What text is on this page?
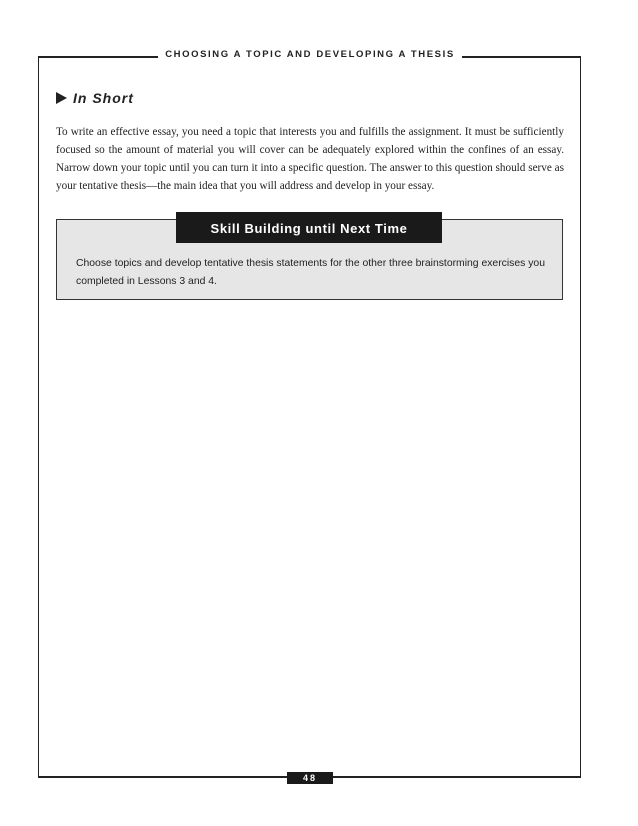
CHOOSING A TOPIC AND DEVELOPING A THESIS
In Short

To write an effective essay, you need a topic that interests you and fulfills the assignment. It must be sufficiently focused so the amount of material you will cover can be adequately explored within the confines of an essay. Narrow down your topic until you can turn it into a specific question. The answer to this question should serve as your tentative thesis—the main idea that you will address and develop in your essay.

Skill Building until Next Time

Choose topics and develop tentative thesis statements for the other three brainstorming exercises you completed in Lessons 3 and 4.

48
